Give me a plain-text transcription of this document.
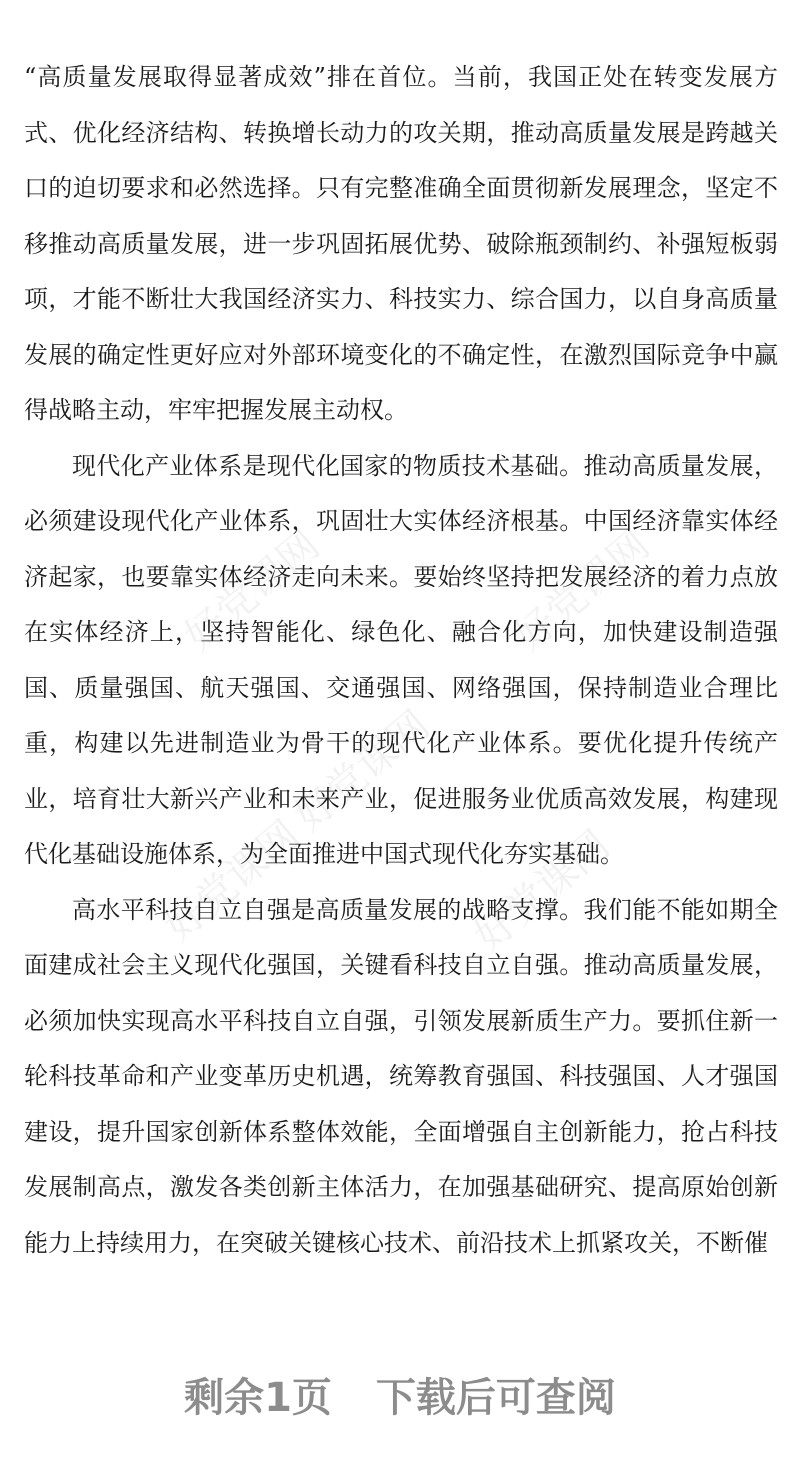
好党课网	好党课网
好党课网
好党课网	好党课网

“高质量发展取得显著成效”排在首位。当前，我国正处在转变发展方式、优化经济结构、转换增长动力的攻关期，推动高质量发展是跨越关口的迫切要求和必然选择。只有完整准确全面贯彻新发展理念，坚定不移推动高质量发展，进一步巩固拓展优势、破除瓶颈制约、补强短板弱项，才能不断壮大我国经济实力、科技实力、综合国力，以自身高质量发展的确定性更好应对外部环境变化的不确定性，在激烈国际竞争中赢得战略主动，牢牢把握发展主动权。

现代化产业体系是现代化国家的物质技术基础。推动高质量发展，必须建设现代化产业体系，巩固壮大实体经济根基。中国经济靠实体经济起家，也要靠实体经济走向未来。要始终坚持把发展经济的着力点放在实体经济上，坚持智能化、绿色化、融合化方向，加快建设制造强国、质量强国、航天强国、交通强国、网络强国，保持制造业合理比重，构建以先进制造业为骨干的现代化产业体系。要优化提升传统产业，培育壮大新兴产业和未来产业，促进服务业优质高效发展，构建现代化基础设施体系，为全面推进中国式现代化夯实基础。

高水平科技自立自强是高质量发展的战略支撑。我们能不能如期全面建成社会主义现代化强国，关键看科技自立自强。推动高质量发展，必须加快实现高水平科技自立自强，引领发展新质生产力。要抓住新一轮科技革命和产业变革历史机遇，统筹教育强国、科技强国、人才强国建设，提升国家创新体系整体效能，全面增强自主创新能力，抢占科技发展制高点，激发各类创新主体活力，在加强基础研究、提高原始创新能力上持续用力，在突破关键核心技术、前沿技术上抓紧攻关，不断催

剩余1页 下载后可查阅
